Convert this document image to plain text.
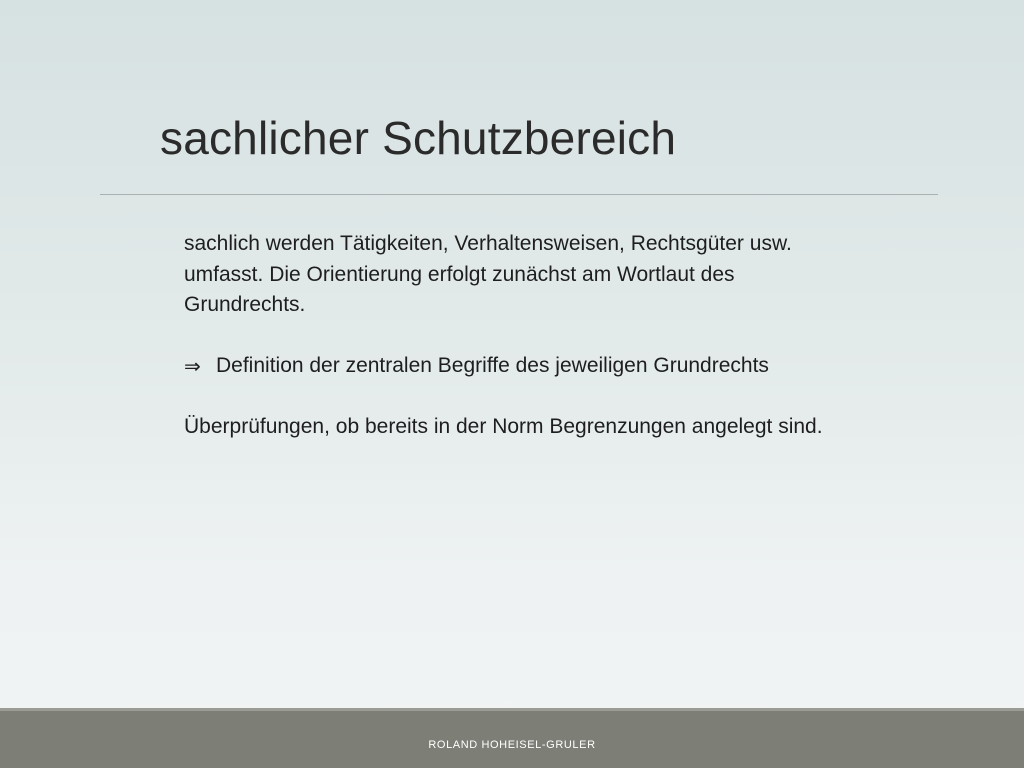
sachlicher Schutzbereich

sachlich werden Tätigkeiten, Verhaltensweisen, Rechtsgüter usw. umfasst. Die Orientierung erfolgt zunächst am Wortlaut des Grundrechts.

⇒ Definition der zentralen Begriffe des jeweiligen Grundrechts

Überprüfungen, ob bereits in der Norm Begrenzungen angelegt sind.

ROLAND HOHEISEL-GRULER
